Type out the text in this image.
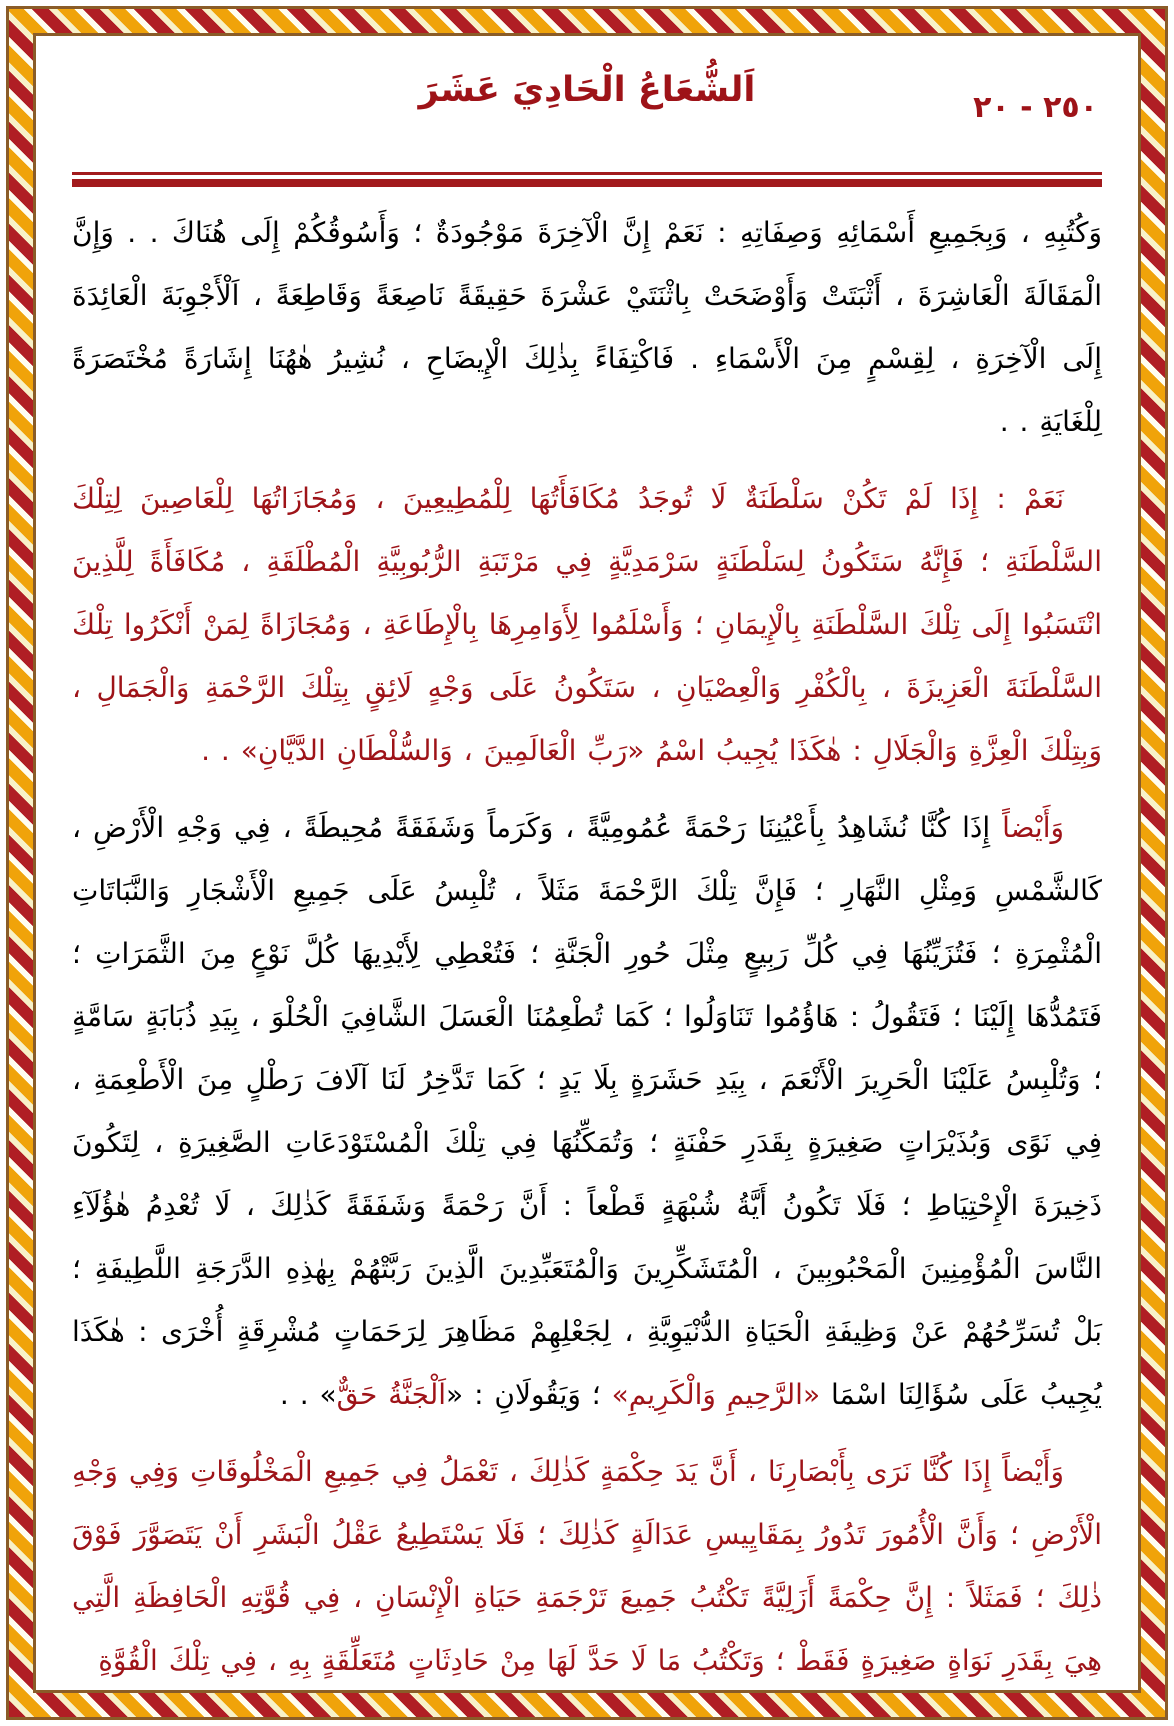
٢٥٠ - ٢٠
اَلشُّعَاعُ الْحَادِيَ عَشَرَ

وَكُتُبِهِ ، وَبِجَمِيعِ أَسْمَائِهِ وَصِفَاتِهِ : نَعَمْ إِنَّ الْآخِرَةَ مَوْجُودَةٌ ؛ وَأَسُوقُكُمْ إِلَى هُنَاكَ . . وَإِنَّ الْمَقَالَةَ الْعَاشِرَةَ ، أَثْبَتَتْ وَأَوْضَحَتْ بِاثْنَتَيْ عَشْرَةَ حَقِيقَةً نَاصِعَةً وَقَاطِعَةً ، اَلْأَجْوِبَةَ الْعَائِدَةَ إِلَى الْآخِرَةِ ، لِقِسْمٍ مِنَ الْأَسْمَاءِ . فَاكْتِفَاءً بِذٰلِكَ الْإِيضَاحِ ، نُشِيرُ هٰهُنَا إِشَارَةً مُخْتَصَرَةً لِلْغَايَةِ . .

نَعَمْ : إِذَا لَمْ تَكُنْ سَلْطَنَةٌ لَا تُوجَدُ مُكَافَأَتُهَا لِلْمُطِيعِينَ ، وَمُجَازَاتُهَا لِلْعَاصِينَ لِتِلْكَ السَّلْطَنَةِ ؛ فَإِنَّهُ سَتَكُونُ لِسَلْطَنَةٍ سَرْمَدِيَّةٍ فِي مَرْتَبَةِ الرُّبُوبِيَّةِ الْمُطْلَقَةِ ، مُكَافَأَةً لِلَّذِينَ انْتَسَبُوا إِلَى تِلْكَ السَّلْطَنَةِ بِالْإِيمَانِ ؛ وَأَسْلَمُوا لِأَوَامِرِهَا بِالْإِطَاعَةِ ، وَمُجَازَاةً لِمَنْ أَنْكَرُوا تِلْكَ السَّلْطَنَةَ الْعَزِيزَةَ ، بِالْكُفْرِ وَالْعِصْيَانِ ، سَتَكُونُ عَلَى وَجْهٍ لَائِقٍ بِتِلْكَ الرَّحْمَةِ وَالْجَمَالِ ، وَبِتِلْكَ الْعِزَّةِ وَالْجَلَالِ : هٰكَذَا يُجِيبُ اسْمُ «رَبِّ الْعَالَمِينَ ، وَالسُّلْطَانِ الدَّيَّانِ» . .

وَأَيْضاً إِذَا كُنَّا نُشَاهِدُ بِأَعْيُنِنَا رَحْمَةً عُمُومِيَّةً ، وَكَرَماً وَشَفَقَةً مُحِيطَةً ، فِي وَجْهِ الْأَرْضِ ، كَالشَّمْسِ وَمِثْلِ النَّهَارِ ؛ فَإِنَّ تِلْكَ الرَّحْمَةَ مَثَلاً ، تُلْبِسُ عَلَى جَمِيعِ الْأَشْجَارِ وَالنَّبَاتَاتِ الْمُثْمِرَةِ ؛ فَتُزَيِّنُهَا فِي كُلِّ رَبِيعٍ مِثْلَ حُورِ الْجَنَّةِ ؛ فَتُعْطِي لِأَيْدِيهَا كُلَّ نَوْعٍ مِنَ الثَّمَرَاتِ ؛ فَتَمُدُّهَا إِلَيْنَا ؛ فَتَقُولُ : هَاؤُمُوا تَنَاوَلُوا ؛ كَمَا تُطْعِمُنَا الْعَسَلَ الشَّافِيَ الْحُلْوَ ، بِيَدِ ذُبَابَةٍ سَامَّةٍ ؛ وَتُلْبِسُ عَلَيْنَا الْحَرِيرَ الْأَنْعَمَ ، بِيَدِ حَشَرَةٍ بِلَا يَدٍ ؛ كَمَا تَدَّخِرُ لَنَا آلَافَ رَطْلٍ مِنَ الْأَطْعِمَةِ ، فِي نَوًى وَبُذَيْرَاتٍ صَغِيرَةٍ بِقَدَرِ حَفْنَةٍ ؛ وَتُمَكِّنُهَا فِي تِلْكَ الْمُسْتَوْدَعَاتِ الصَّغِيرَةِ ، لِتَكُونَ ذَخِيرَةَ الْإِحْتِيَاطِ ؛ فَلَا تَكُونُ أَيَّةُ شُبْهَةٍ قَطْعاً : أَنَّ رَحْمَةً وَشَفَقَةً كَذٰلِكَ ، لَا تُعْدِمُ هٰؤُلَآءِ النَّاسَ الْمُؤْمِنِينَ الْمَحْبُوبِينَ ، الْمُتَشَكِّرِينَ وَالْمُتَعَبِّدِينَ الَّذِينَ رَبَّتْهُمْ بِهٰذِهِ الدَّرَجَةِ اللَّطِيفَةِ ؛ بَلْ تُسَرِّحُهُمْ عَنْ وَظِيفَةِ الْحَيَاةِ الدُّنْيَوِيَّةِ ، لِجَعْلِهِمْ مَظَاهِرَ لِرَحَمَاتٍ مُشْرِقَةٍ أُخْرَى : هٰكَذَا يُجِيبُ عَلَى سُؤَالِنَا اسْمَا «الرَّحِيمِ وَالْكَرِيمِ» ؛ وَيَقُولَانِ : «اَلْجَنَّةُ حَقٌّ» . .

وَأَيْضاً إِذَا كُنَّا نَرَى بِأَبْصَارِنَا ، أَنَّ يَدَ حِكْمَةٍ كَذٰلِكَ ، تَعْمَلُ فِي جَمِيعِ الْمَخْلُوقَاتِ وَفِي وَجْهِ الْأَرْضِ ؛ وَأَنَّ الْأُمُورَ تَدُورُ بِمَقَايِيسِ عَدَالَةٍ كَذٰلِكَ ؛ فَلَا يَسْتَطِيعُ عَقْلُ الْبَشَرِ أَنْ يَتَصَوَّرَ فَوْقَ ذٰلِكَ ؛ فَمَثَلاً : إِنَّ حِكْمَةً أَزَلِيَّةً تَكْتُبُ جَمِيعَ تَرْجَمَةِ حَيَاةِ الْإِنْسَانِ ، فِي قُوَّتِهِ الْحَافِظَةِ الَّتِي هِيَ بِقَدَرِ نَوَاةٍ صَغِيرَةٍ فَقَطْ ؛ وَتَكْتُبُ مَا لَا حَدَّ لَهَا مِنْ حَادِثَاتٍ مُتَعَلِّقَةٍ بِهِ ، فِي تِلْكَ الْقُوَّةِ
